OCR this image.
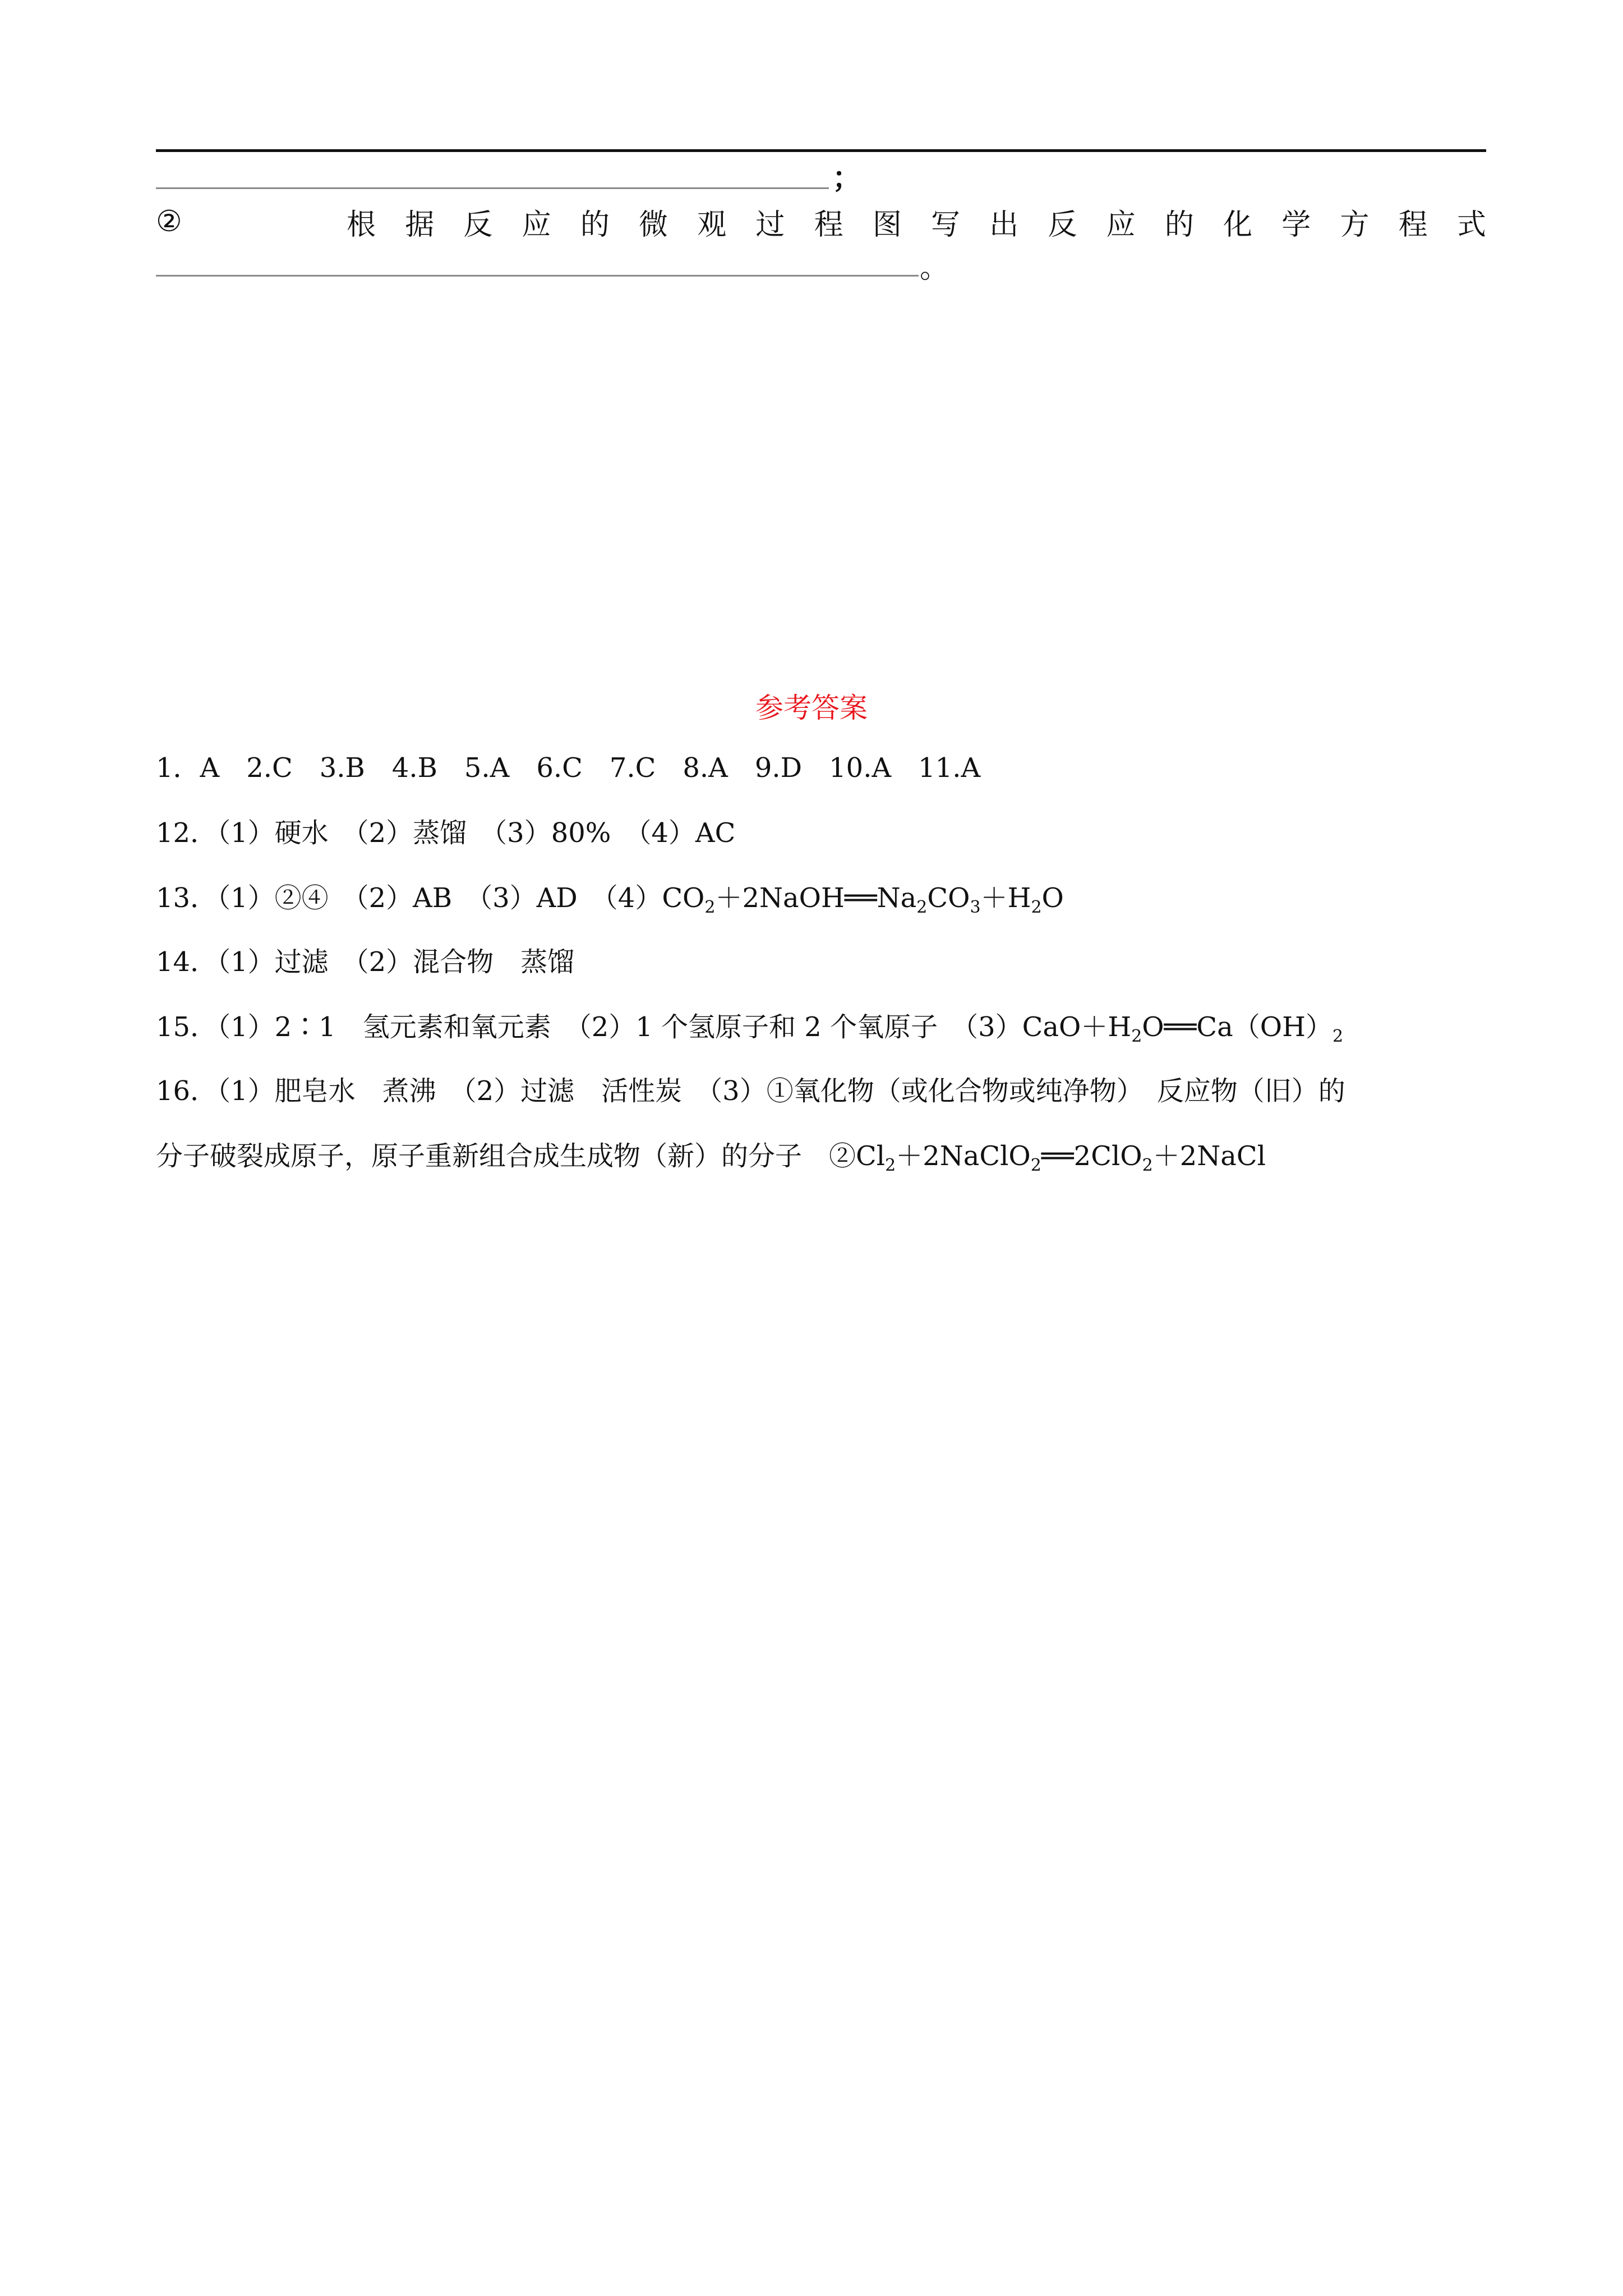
；
②	根 据 反 应 的 微 观 过 程 图 写 出 反 应 的 化 学 方 程 式
。
参考答案
1．A　2.C　3.B　4.B　5.A　6.C　7.C　8.A　9.D　10.A　11.A
12．（1）硬水　（2）蒸馏　（3）80%　（4）AC
13．（1）②④　（2）AB　（3）AD　$(4)CO_2+2NaOH══Na_2CO_3+H_2O$
14．（1）过滤　（2）混合物　蒸馏
15．（1）2∶1　氢元素和氧元素　（2）1 个氢原子和 2 个氧原子　$(3)CaO+H_2O══Ca(OH)_2$
16．（1）肥皂水　煮沸　（2）过滤　活性炭　（3）①氧化物（或化合物或纯净物）　反应物（旧）的
分子破裂成原子，原子重新组合成生成物（新）的分子　$②Cl_2+2NaClO_2══2ClO_2+2NaCl$
